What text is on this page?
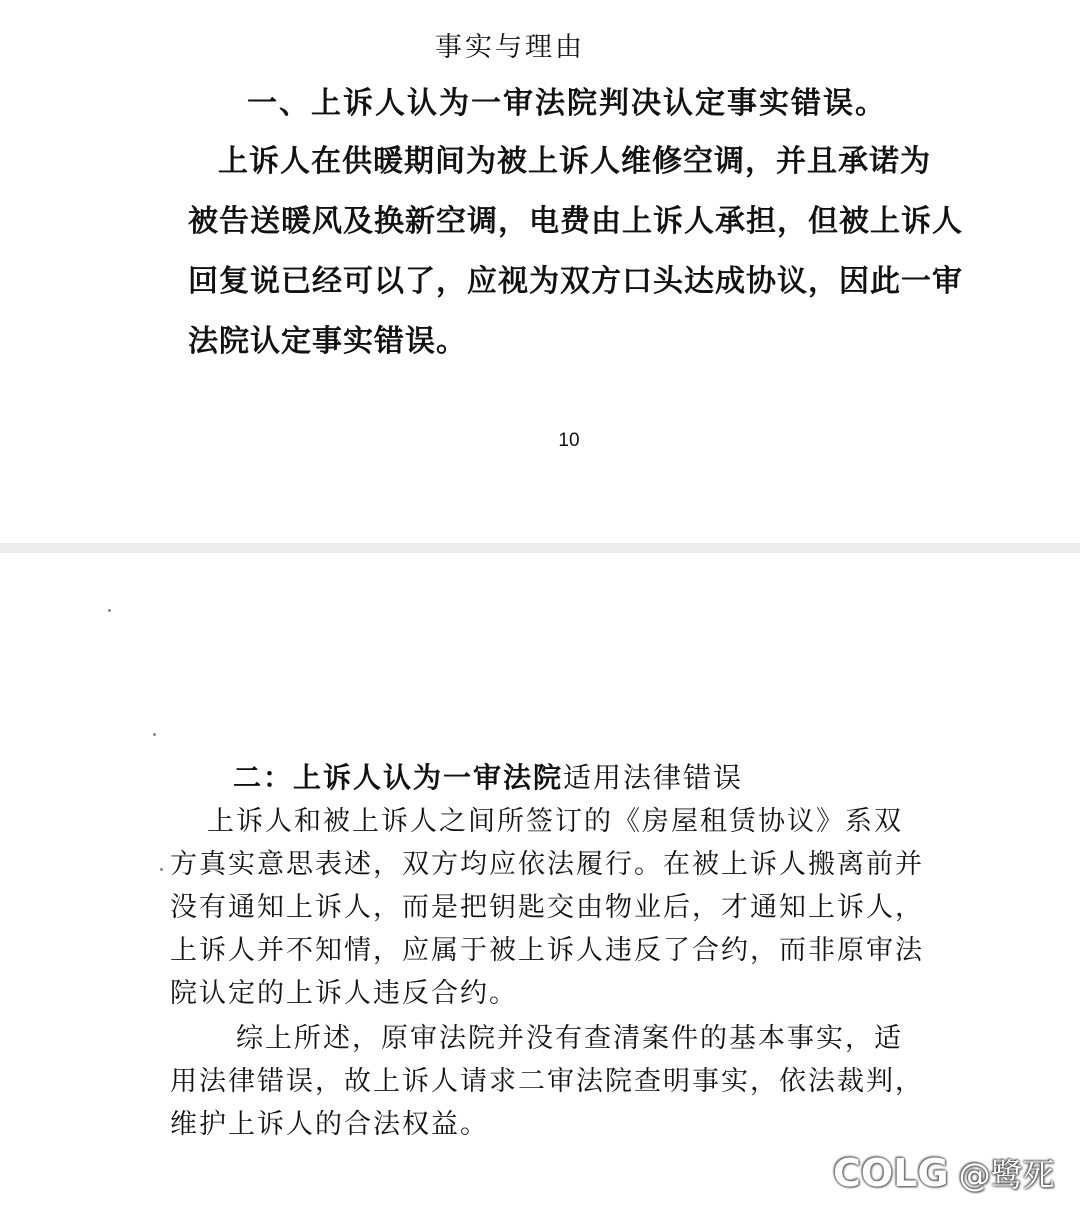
事实与理由
一、上诉人认为一审法院判决认定事实错误。
上诉人在供暖期间为被上诉人维修空调，并且承诺为
被告送暖风及换新空调，电费由上诉人承担，但被上诉人
回复说已经可以了，应视为双方口头达成协议，因此一审
法院认定事实错误。
10
二：上诉人认为一审法院适用法律错误
上诉人和被上诉人之间所签订的《房屋租赁协议》系双
方真实意思表述，双方均应依法履行。在被上诉人搬离前并
没有通知上诉人，而是把钥匙交由物业后，才通知上诉人，
上诉人并不知情，应属于被上诉人违反了合约，而非原审法
院认定的上诉人违反合约。
综上所述，原审法院并没有查清案件的基本事实，适
用法律错误，故上诉人请求二审法院查明事实，依法裁判，
维护上诉人的合法权益。
COLG @鹭死
